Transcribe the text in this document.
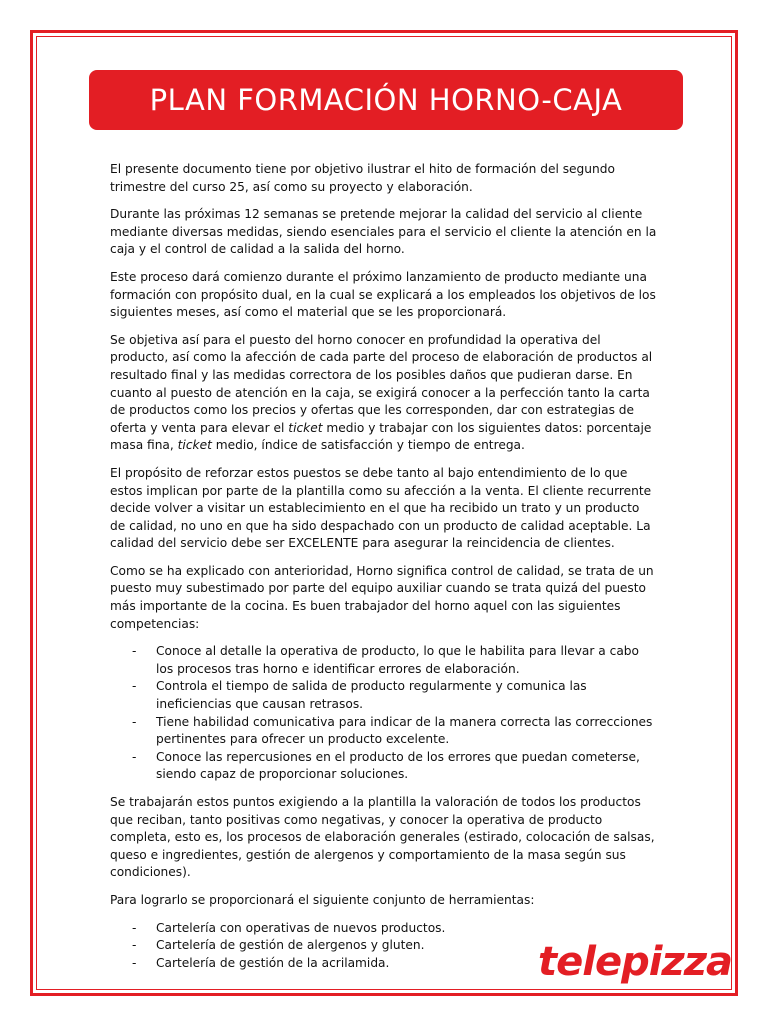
PLAN FORMACIÓN HORNO-CAJA

El presente documento tiene por objetivo ilustrar el hito de formación del segundo trimestre del curso 25, así como su proyecto y elaboración.

Durante las próximas 12 semanas se pretende mejorar la calidad del servicio al cliente mediante diversas medidas, siendo esenciales para el servicio el cliente la atención en la caja y el control de calidad a la salida del horno.

Este proceso dará comienzo durante el próximo lanzamiento de producto mediante una formación con propósito dual, en la cual se explicará a los empleados los objetivos de los siguientes meses, así como el material que se les proporcionará.

Se objetiva así para el puesto del horno conocer en profundidad la operativa del producto, así como la afección de cada parte del proceso de elaboración de productos al resultado final y las medidas correctora de los posibles daños que pudieran darse. En cuanto al puesto de atención en la caja, se exigirá conocer a la perfección tanto la carta de productos como los precios y ofertas que les corresponden, dar con estrategias de oferta y venta para elevar el ticket medio y trabajar con los siguientes datos: porcentaje masa fina, ticket medio, índice de satisfacción y tiempo de entrega.

El propósito de reforzar estos puestos se debe tanto al bajo entendimiento de lo que estos implican por parte de la plantilla como su afección a la venta. El cliente recurrente decide volver a visitar un establecimiento en el que ha recibido un trato y un producto de calidad, no uno en que ha sido despachado con un producto de calidad aceptable. La calidad del servicio debe ser EXCELENTE para asegurar la reincidencia de clientes.

Como se ha explicado con anterioridad, Horno significa control de calidad, se trata de un puesto muy subestimado por parte del equipo auxiliar cuando se trata quizá del puesto más importante de la cocina. Es buen trabajador del horno aquel con las siguientes competencias:

- Conoce al detalle la operativa de producto, lo que le habilita para llevar a cabo los procesos tras horno e identificar errores de elaboración.
- Controla el tiempo de salida de producto regularmente y comunica las ineficiencias que causan retrasos.
- Tiene habilidad comunicativa para indicar de la manera correcta las correcciones pertinentes para ofrecer un producto excelente.
- Conoce las repercusiones en el producto de los errores que puedan cometerse, siendo capaz de proporcionar soluciones.

Se trabajarán estos puntos exigiendo a la plantilla la valoración de todos los productos que reciban, tanto positivas como negativas, y conocer la operativa de producto completa, esto es, los procesos de elaboración generales (estirado, colocación de salsas, queso e ingredientes, gestión de alergenos y comportamiento de la masa según sus condiciones).

Para lograrlo se proporcionará el siguiente conjunto de herramientas:

- Cartelería con operativas de nuevos productos.
- Cartelería de gestión de alergenos y gluten.
- Cartelería de gestión de la acrilamida.	telepizza
